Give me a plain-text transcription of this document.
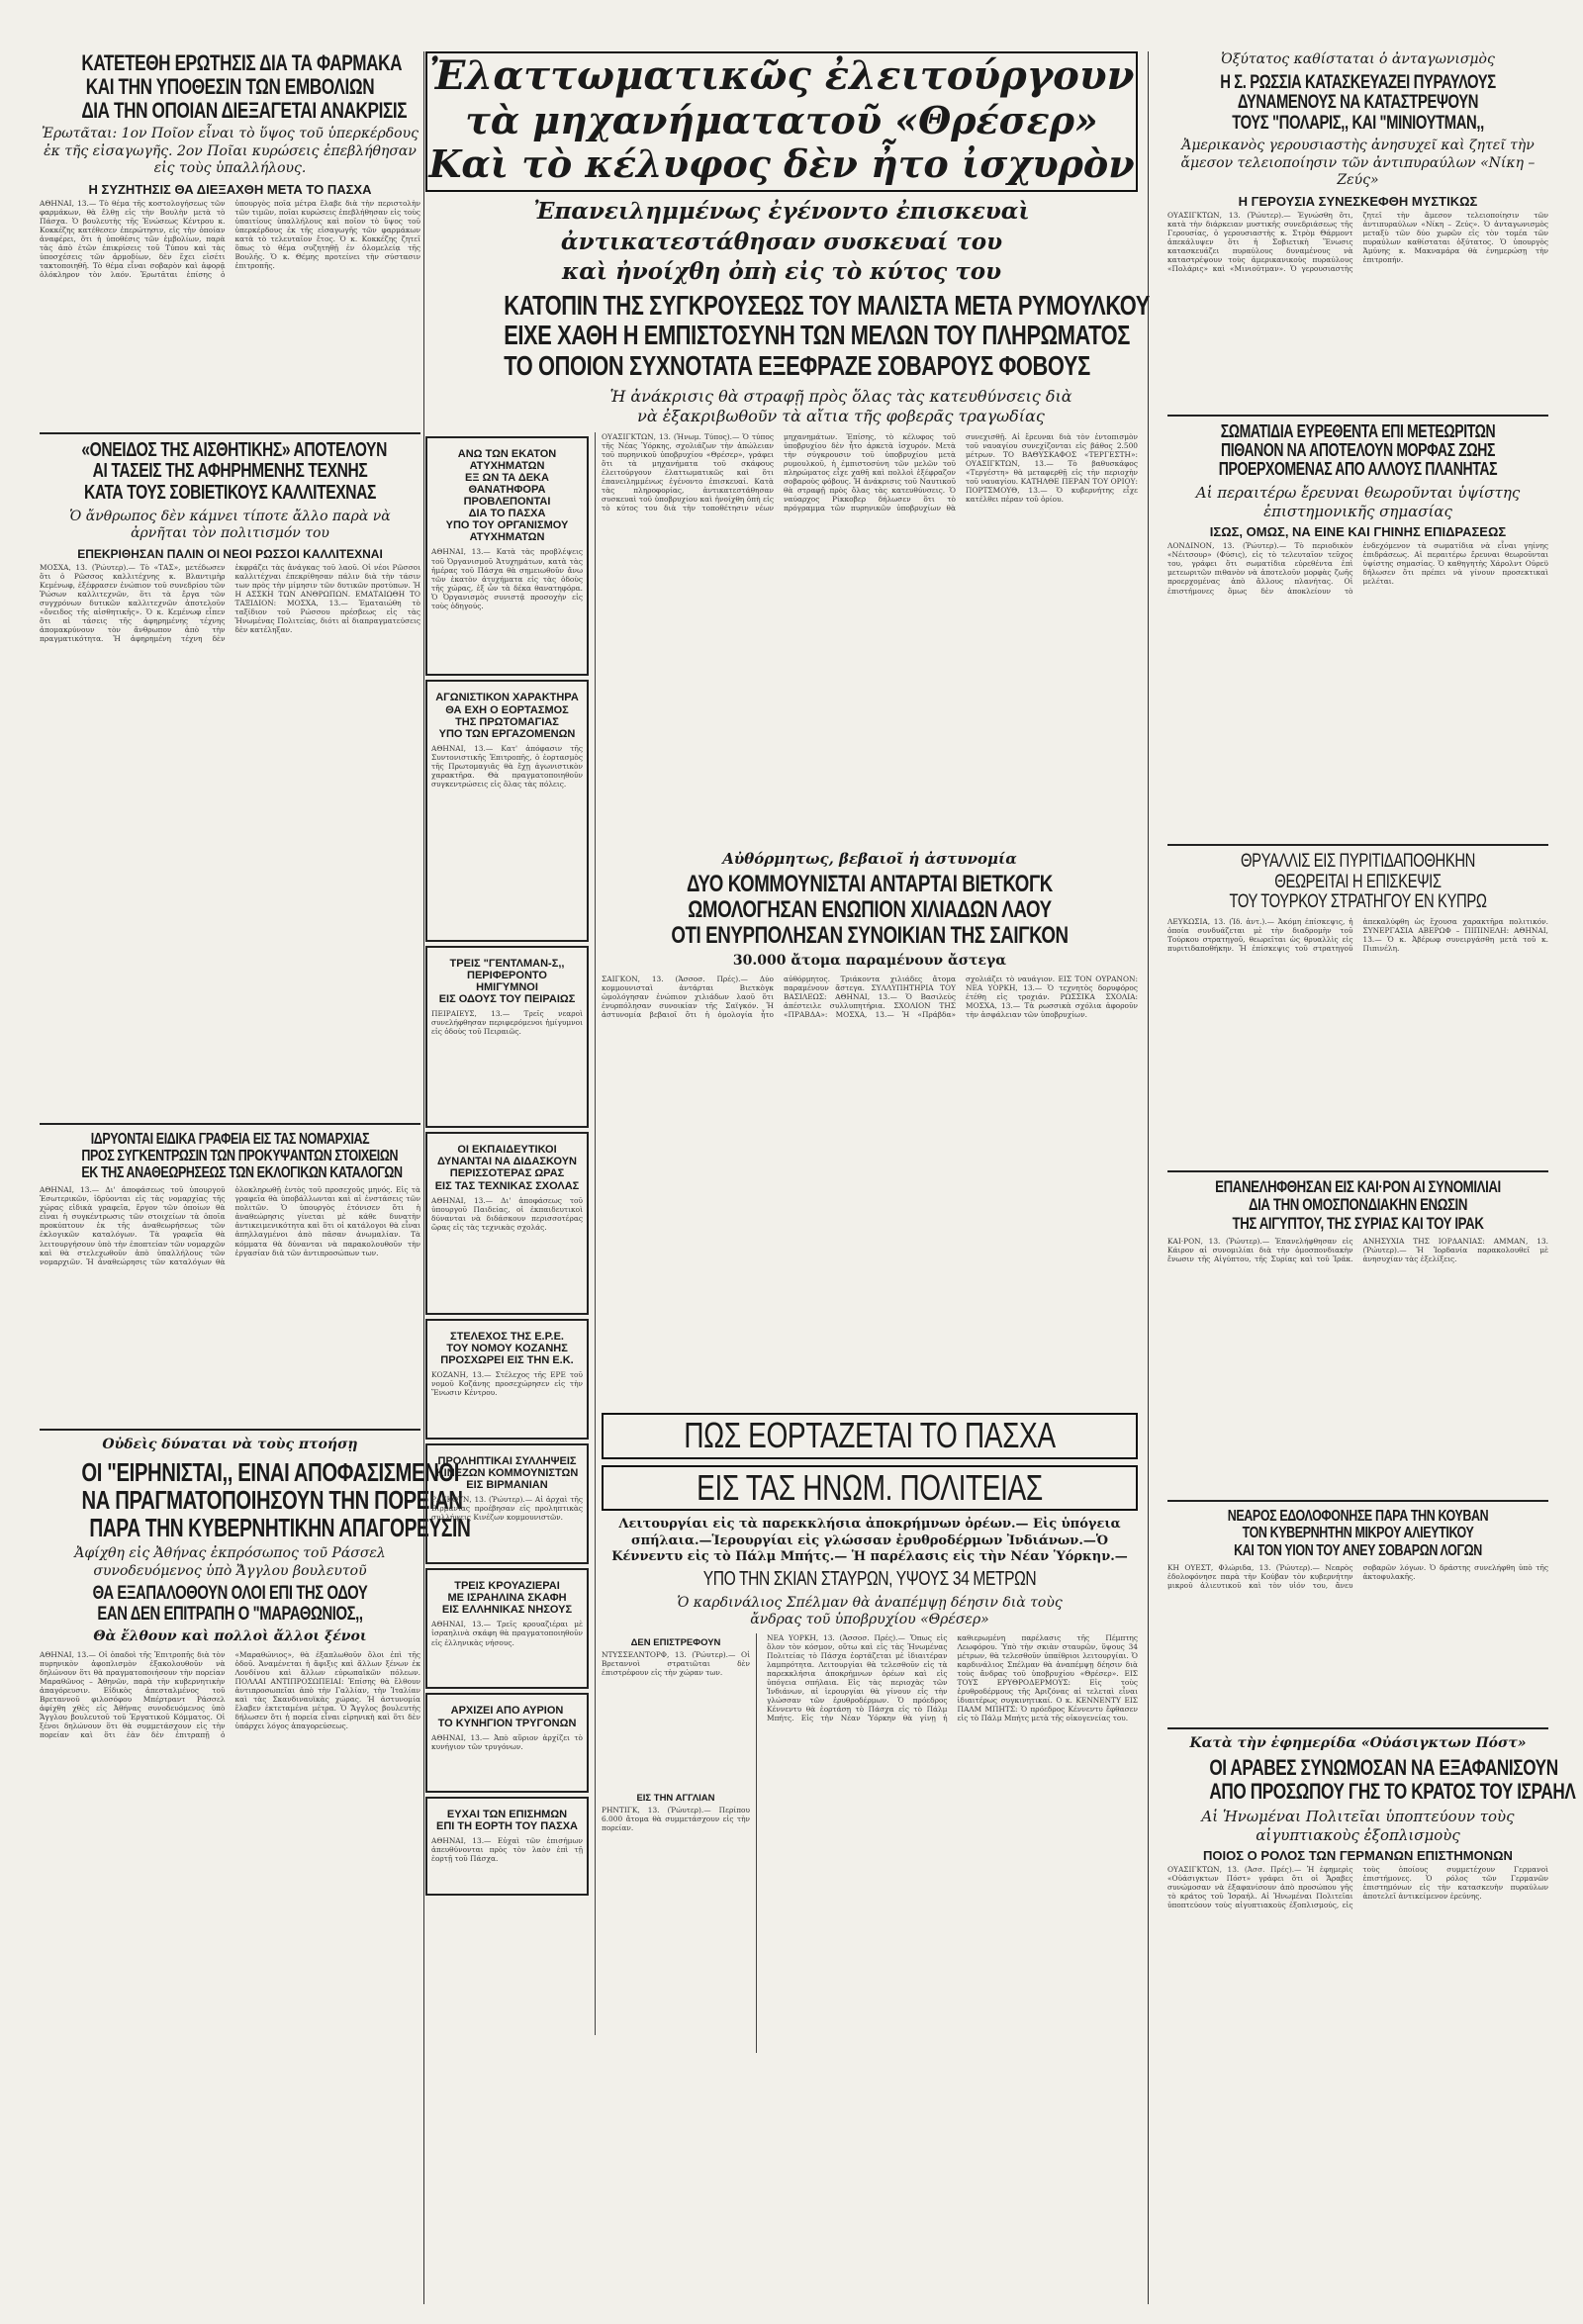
ΚΑΤΕΤΕΘΗ ΕΡΩΤΗΣΙΣ ΔΙΑ ΤΑ ΦΑΡΜΑΚΑ

ΚΑΙ ΤΗΝ ΥΠΟΘΕΣΙΝ ΤΩΝ ΕΜΒΟΛΙΩΝ

ΔΙΑ ΤΗΝ ΟΠΟΙΑΝ ΔΙΕΞΑΓΕΤΑΙ ΑΝΑΚΡΙΣΙΣ

Ἐρωτᾶται: 1ον Ποῖον εἶναι τὸ ὕψος τοῦ ὑπερκέρδους ἐκ τῆς εἰσαγωγῆς. 2ον Ποῖαι κυρώσεις ἐπεβλήθησαν εἰς τοὺς ὑπαλλήλους.

Η ΣΥΖΗΤΗΣΙΣ ΘΑ ΔΙΕΞΑΧΘΗ ΜΕΤΑ ΤΟ ΠΑΣΧΑ

ΑΘΗΝΑΙ, 13.— Τὸ θέμα τῆς κοστολογήσεως τῶν φαρμάκων, θὰ ἔλθῃ εἰς τὴν Βουλὴν μετὰ τὸ Πάσχα. Ὁ βουλευτὴς τῆς Ἑνώσεως Κέντρου κ. Κοκκέζης κατέθεσεν ἐπερώτησιν, εἰς τὴν ὁποίαν ἀναφέρει, ὅτι ἡ ὑποθέσις τῶν ἐμβολίων, παρὰ τὰς ἀπὸ ἐτῶν ἐπικρίσεις τοῦ Τύπου καὶ τὰς ὑποσχέσεις τῶν ἁρμοδίων, δὲν ἔχει εἰσέτι τακτοποιηθῆ. Τὸ θέμα εἶναι σοβαρὸν καὶ ἀφορᾷ ὁλόκληρον τὸν λαόν. Ἐρωτᾶται ἐπίσης ὁ ὑπουργὸς ποῖα μέτρα ἔλαβε διὰ τὴν περιστολὴν τῶν τιμῶν, ποῖαι κυρώσεις ἐπεβλήθησαν εἰς τοὺς ὑπαιτίους ὑπαλλήλους καὶ ποῖον τὸ ὕψος τοῦ ὑπερκέρδους ἐκ τῆς εἰσαγωγῆς τῶν φαρμάκων κατὰ τὸ τελευταῖον ἔτος. Ὁ κ. Κοκκέζης ζητεῖ ὅπως τὸ θέμα συζητηθῇ ἐν ὀλομελείᾳ τῆς Βουλῆς. Ὁ κ. Θέμης προτείνει τὴν σύστασιν ἐπιτροπῆς.

«ΟΝΕΙΔΟΣ ΤΗΣ ΑΙΣΘΗΤΙΚΗΣ» ΑΠΟΤΕΛΟΥΝ

ΑΙ ΤΑΣΕΙΣ ΤΗΣ ΑΦΗΡΗΜΕΝΗΣ ΤΕΧΝΗΣ

ΚΑΤΑ ΤΟΥΣ ΣΟΒΙΕΤΙΚΟΥΣ ΚΑΛΛΙΤΕΧΝΑΣ

Ὁ ἄνθρωπος δὲν κάμνει τίποτε ἄλλο παρὰ νὰ ἀρνῆται τὸν πολιτισμόν του

ΕΠΕΚΡΙΘΗΣΑΝ ΠΑΛΙΝ ΟΙ ΝΕΟΙ ΡΩΣΣΟΙ ΚΑΛΛΙΤΕΧΝΑΙ

ΜΟΣΧΑ, 13. (Ῥώυτερ).— Τὸ «ΤΑΣ», μετέδωσεν ὅτι ὁ Ρῶσσος καλλιτέχνης κ. Βλαντιμὴρ Κεμένωφ, ἐξέφρασεν ἐνώπιον τοῦ συνεδρίου τῶν Ῥώσων καλλιτεχνῶν, ὅτι τὰ ἔργα τῶν συγχρόνων δυτικῶν καλλιτεχνῶν ἀποτελοῦν «ὄνειδος τῆς αἰσθητικῆς». Ὁ κ. Κεμένωφ εἶπεν ὅτι αἱ τάσεις τῆς ἀφηρημένης τέχνης ἀπομακρύνουν τὸν ἄνθρωπον ἀπὸ τὴν πραγματικότητα. Ἡ ἀφηρημένη τέχνη δὲν ἐκφράζει τὰς ἀνάγκας τοῦ λαοῦ. Οἱ νέοι Ρῶσσοι καλλιτέχναι ἐπεκρίθησαν πάλιν διὰ τὴν τάσιν των πρὸς τὴν μίμησιν τῶν δυτικῶν προτύπων. Ἡ Η ΑΣΣΚΗ ΤΩΝ ΑΝΘΡΩΠΩΝ. ΕΜΑΤΑΙΩΘΗ ΤΟ ΤΑΞΙΔΙΟΝ: ΜΟΣΧΑ, 13.— Ἐματαιώθη τὸ ταξίδιον τοῦ Ρώσσου πρέσβεως εἰς τὰς Ἡνωμένας Πολιτείας, διότι αἱ διαπραγματεύσεις δὲν κατέληξαν.

ΙΔΡΥΟΝΤΑΙ ΕΙΔΙΚΑ ΓΡΑΦΕΙΑ ΕΙΣ ΤΑΣ ΝΟΜΑΡΧΙΑΣ

ΠΡΟΣ ΣΥΓΚΕΝΤΡΩΣΙΝ ΤΩΝ ΠΡΟΚΥΨΑΝΤΩΝ ΣΤΟΙΧΕΙΩΝ

ΕΚ ΤΗΣ ΑΝΑΘΕΩΡΗΣΕΩΣ ΤΩΝ ΕΚΛΟΓΙΚΩΝ ΚΑΤΑΛΟΓΩΝ

ΑΘΗΝΑΙ, 13.— Δι' ἀποφάσεως τοῦ ὑπουργοῦ Ἐσωτερικῶν, ἱδρύονται εἰς τὰς νομαρχίας τῆς χώρας εἰδικὰ γραφεῖα, ἔργον τῶν ὁποίων θὰ εἶναι ἡ συγκέντρωσις τῶν στοιχείων τὰ ὁποῖα προκύπτουν ἐκ τῆς ἀναθεωρήσεως τῶν ἐκλογικῶν καταλόγων. Τὰ γραφεῖα θὰ λειτουργήσουν ὑπὸ τὴν ἐποπτείαν τῶν νομαρχῶν καὶ θὰ στελεχωθοῦν ἀπὸ ὑπαλλήλους τῶν νομαρχιῶν. Ἡ ἀναθεώρησις τῶν καταλόγων θὰ ὁλοκληρωθῇ ἐντὸς τοῦ προσεχοῦς μηνός. Εἰς τὰ γραφεῖα θὰ ὑποβάλλωνται καὶ αἱ ἐνστάσεις τῶν πολιτῶν. Ὁ ὑπουργὸς ἐτόνισεν ὅτι ἡ ἀναθεώρησις γίνεται μὲ κάθε δυνατὴν ἀντικειμενικότητα καὶ ὅτι οἱ κατάλογοι θὰ εἶναι ἀπηλλαγμένοι ἀπὸ πᾶσαν ἀνωμαλίαν. Τὰ κόμματα θὰ δύνανται νὰ παρακολουθοῦν τὴν ἐργασίαν διὰ τῶν ἀντιπροσώπων των.

Οὐδεὶς δύναται νὰ τοὺς πτοήσῃ

ΟΙ "ΕΙΡΗΝΙΣΤΑΙ,, ΕΙΝΑΙ ΑΠΟΦΑΣΙΣΜΕΝΟΙ

ΝΑ ΠΡΑΓΜΑΤΟΠΟΙΗΣΟΥΝ ΤΗΝ ΠΟΡΕΙΑΝ

ΠΑΡΑ ΤΗΝ ΚΥΒΕΡΝΗΤΙΚΗΝ ΑΠΑΓΟΡΕΥΣΙΝ

Ἀφίχθη εἰς Ἀθήνας ἐκπρόσωπος τοῦ Ράσσελ συνοδευόμενος ὑπὸ Ἄγγλου βουλευτοῦ

ΘΑ ΕΞΑΠΑΛΟΘΟΥΝ ΟΛΟΙ ΕΠΙ ΤΗΣ ΟΔΟΥ

ΕΑΝ ΔΕΝ ΕΠΙΤΡΑΠΗ Ο "ΜΑΡΑΘΩΝΙΟΣ,,

Θὰ ἔλθουν καὶ πολλοὶ ἄλλοι ξένοι

ΑΘΗΝΑΙ, 13.— Οἱ ὀπαδοὶ τῆς Ἐπιτροπῆς διὰ τὸν πυρηνικὸν ἀφοπλισμὸν ἐξακολουθοῦν νὰ δηλώνουν ὅτι θὰ πραγματοποιήσουν τὴν πορείαν Μαραθῶνος – Ἀθηνῶν, παρὰ τὴν κυβερνητικὴν ἀπαγόρευσιν. Εἰδικὸς ἀπεσταλμένος τοῦ Βρεταννοῦ φιλοσόφου Μπέρτραντ Ράσσελ ἀφίχθη χθὲς εἰς Ἀθήνας συνοδευόμενος ὑπὸ Ἄγγλου βουλευτοῦ τοῦ Ἐργατικοῦ Κόμματος. Οἱ ξένοι δηλώνουν ὅτι θὰ συμμετάσχουν εἰς τὴν πορείαν καὶ ὅτι ἐὰν δὲν ἐπιτραπῇ ὁ «Μαραθώνιος», θὰ ἐξαπλωθοῦν ὅλοι ἐπὶ τῆς ὁδοῦ. Ἀναμένεται ἡ ἄφιξις καὶ ἄλλων ξένων ἐκ Λονδίνου καὶ ἄλλων εὐρωπαϊκῶν πόλεων. ΠΟΛΛΑΙ ΑΝΤΙΠΡΟΣΩΠΕΙΑΙ: Ἐπίσης θὰ ἔλθουν ἀντιπροσωπεῖαι ἀπὸ τὴν Γαλλίαν, τὴν Ἰταλίαν καὶ τὰς Σκανδιναυϊκὰς χώρας. Ἡ ἀστυνομία ἔλαβεν ἐκτεταμένα μέτρα. Ὁ Ἄγγλος βουλευτὴς δήλωσεν ὅτι ἡ πορεία εἶναι εἰρηνικὴ καὶ ὅτι δὲν ὑπάρχει λόγος ἀπαγορεύσεως.

Ἐλαττωματικῶς ἐλειτούργουν

τὰ μηχανήματατοῦ «Θρέσερ»

Καὶ τὸ κέλυφος δὲν ἦτο ἰσχυρὸν

Ἐπανειλημμένως ἐγένοντο ἐπισκευαὶ

ἀντικατεστάθησαν συσκευαί του

καὶ ἠνοίχθη ὀπὴ εἰς τὸ κύτος του

ΚΑΤΟΠΙΝ ΤΗΣ ΣΥΓΚΡΟΥΣΕΩΣ ΤΟΥ ΜΑΛΙΣΤΑ ΜΕΤΑ ΡΥΜΟΥΛΚΟΥ

ΕΙΧΕ ΧΑΘΗ Η ΕΜΠΙΣΤΟΣΥΝΗ ΤΩΝ ΜΕΛΩΝ ΤΟΥ ΠΛΗΡΩΜΑΤΟΣ

ΤΟ ΟΠΟΙΟΝ ΣΥΧΝΟΤΑΤΑ ΕΞΕΦΡΑΖΕ ΣΟΒΑΡΟΥΣ ΦΟΒΟΥΣ

Ἡ ἀνάκρισις θὰ στραφῇ πρὸς ὅλας τὰς κατευθύνσεις διὰ νὰ ἐξακριβωθοῦν τὰ αἴτια τῆς φοβερᾶς τραγωδίας

ΑΝΩ ΤΩΝ ΕΚΑΤΟΝ
ΑΤΥΧΗΜΑΤΩΝ
ΕΞ ΩΝ ΤΑ ΔΕΚΑ
ΘΑΝΑΤΗΦΟΡΑ
ΠΡΟΒΛΕΠΟΝΤΑΙ
ΔΙΑ ΤΟ ΠΑΣΧΑ
ΥΠΟ ΤΟΥ ΟΡΓΑΝΙΣΜΟΥ
ΑΤΥΧΗΜΑΤΩΝ

ΑΘΗΝΑΙ, 13.— Κατὰ τὰς προβλέψεις τοῦ Ὀργανισμοῦ Ἀτυχημάτων, κατὰ τὰς ἡμέρας τοῦ Πάσχα θὰ σημειωθοῦν ἄνω τῶν ἑκατὸν ἀτυχήματα εἰς τὰς ὁδοὺς τῆς χώρας, ἐξ ὧν τὰ δέκα θανατηφόρα. Ὁ Ὀργανισμὸς συνιστᾷ προσοχὴν εἰς τοὺς ὁδηγούς.

ΑΓΩΝΙΣΤΙΚΟΝ ΧΑΡΑΚΤΗΡΑ
ΘΑ ΕΧΗ Ο ΕΟΡΤΑΣΜΟΣ
ΤΗΣ ΠΡΩΤΟΜΑΓΙΑΣ
ΥΠΟ ΤΩΝ ΕΡΓΑΖΟΜΕΝΩΝ

ΑΘΗΝΑΙ, 13.— Κατ' ἀπόφασιν τῆς Συντονιστικῆς Ἐπιτροπῆς, ὁ ἑορτασμὸς τῆς Πρωτομαγιᾶς θὰ ἔχῃ ἀγωνιστικὸν χαρακτῆρα. Θὰ πραγματοποιηθοῦν συγκεντρώσεις εἰς ὅλας τὰς πόλεις.

ΤΡΕΙΣ "ΓΕΝΤΛΜΑΝ-Σ,,
ΠΕΡΙΦΕΡΟΝΤΟ
ΗΜΙΓΥΜΝΟΙ
ΕΙΣ ΟΔΟΥΣ ΤΟΥ ΠΕΙΡΑΙΩΣ

ΠΕΙΡΑΙΕΥΣ, 13.— Τρεῖς νεαροὶ συνελήφθησαν περιφερόμενοι ἡμίγυμνοι εἰς ὁδοὺς τοῦ Πειραιῶς.

ΟΙ ΕΚΠΑΙΔΕΥΤΙΚΟΙ
ΔΥΝΑΝΤΑΙ ΝΑ ΔΙΔΑΣΚΟΥΝ
ΠΕΡΙΣΣΟΤΕΡΑΣ ΩΡΑΣ
ΕΙΣ ΤΑΣ ΤΕΧΝΙΚΑΣ ΣΧΟΛΑΣ

ΑΘΗΝΑΙ, 13.— Δι' ἀποφάσεως τοῦ ὑπουργοῦ Παιδείας, οἱ ἐκπαιδευτικοὶ δύνανται νὰ διδάσκουν περισσοτέρας ὥρας εἰς τὰς τεχνικὰς σχολάς.

ΣΤΕΛΕΧΟΣ ΤΗΣ Ε.Ρ.Ε.
ΤΟΥ ΝΟΜΟΥ ΚΟΖΑΝΗΣ
ΠΡΟΣΧΩΡΕΙ ΕΙΣ ΤΗΝ Ε.Κ.

ΚΟΖΑΝΗ, 13.— Στέλεχος τῆς ΕΡΕ τοῦ νομοῦ Κοζάνης προσεχώρησεν εἰς τὴν Ἕνωσιν Κέντρου.

ΠΡΟΛΗΠΤΙΚΑΙ ΣΥΛΛΗΨΕΙΣ
ΚΙΝΕΖΩΝ ΚΟΜΜΟΥΝΙΣΤΩΝ
ΕΙΣ ΒΙΡΜΑΝΙΑΝ

ΡΑΓΚΟΥΝ, 13. (Ῥώυτερ).— Αἱ ἀρχαὶ τῆς Βιρμανίας προέβησαν εἰς προληπτικὰς συλλήψεις Κινέζων κομμουνιστῶν.

ΤΡΕΙΣ ΚΡΟΥΑΖΙΕΡΑΙ
ΜΕ ΙΣΡΑΗΛΙΝΑ ΣΚΑΦΗ
ΕΙΣ ΕΛΛΗΝΙΚΑΣ ΝΗΣΟΥΣ

ΑΘΗΝΑΙ, 13.— Τρεῖς κρουαζιέραι μὲ ἰσραηλινὰ σκάφη θὰ πραγματοποιηθοῦν εἰς ἑλληνικὰς νήσους.

ΑΡΧΙΖΕΙ ΑΠΟ ΑΥΡΙΟΝ
ΤΟ ΚΥΝΗΓΙΟΝ ΤΡΥΓΟΝΩΝ

ΑΘΗΝΑΙ, 13.— Ἀπὸ αὔριον ἀρχίζει τὸ κυνήγιον τῶν τρυγόνων.

ΕΥΧΑΙ ΤΩΝ ΕΠΙΣΗΜΩΝ
ΕΠΙ ΤΗ ΕΟΡΤΗ ΤΟΥ ΠΑΣΧΑ

ΑΘΗΝΑΙ, 13.— Εὐχαὶ τῶν ἐπισήμων ἀπευθύνονται πρὸς τὸν λαὸν ἐπὶ τῇ ἑορτῇ τοῦ Πάσχα.

ΟΥΑΣΙΓΚΤΩΝ, 13. (Ἡνωμ. Τύπος).— Ὁ τύπος τῆς Νέας Ὑόρκης, σχολιάζων τὴν ἀπώλειαν τοῦ πυρηνικοῦ ὑποβρυχίου «Θρέσερ», γράφει ὅτι τὰ μηχανήματα τοῦ σκάφους ἐλειτούργουν ἐλαττωματικῶς καὶ ὅτι ἐπανειλημμένως ἐγένοντο ἐπισκευαί. Κατὰ τὰς πληροφορίας, ἀντικατεστάθησαν συσκευαὶ τοῦ ὑποβρυχίου καὶ ἠνοίχθη ὀπὴ εἰς τὸ κύτος του διὰ τὴν τοποθέτησιν νέων μηχανημάτων. Ἐπίσης, τὸ κέλυφος τοῦ ὑποβρυχίου δὲν ἦτο ἀρκετὰ ἰσχυρόν. Μετὰ τὴν σύγκρουσιν τοῦ ὑποβρυχίου μετὰ ρυμουλκοῦ, ἡ ἐμπιστοσύνη τῶν μελῶν τοῦ πληρώματος εἶχε χαθῆ καὶ πολλοὶ ἐξέφραζον σοβαροὺς φόβους. Ἡ ἀνάκρισις τοῦ Ναυτικοῦ θὰ στραφῇ πρὸς ὅλας τὰς κατευθύνσεις. Ὁ ναύαρχος Ρίκκοβερ δήλωσεν ὅτι τὸ πρόγραμμα τῶν πυρηνικῶν ὑποβρυχίων θὰ συνεχισθῇ. Αἱ ἔρευναι διὰ τὸν ἐντοπισμὸν τοῦ ναυαγίου συνεχίζονται εἰς βάθος 2.500 μέτρων. ΤΟ ΒΑΘΥΣΚΑΦΟΣ «ΤΕΡΓΕΣΤΗ»: ΟΥΑΣΙΓΚΤΩΝ, 13.— Τὸ βαθυσκάφος «Τεργέστη» θὰ μεταφερθῇ εἰς τὴν περιοχὴν τοῦ ναυαγίου. ΚΑΤΗΛΘΕ ΠΕΡΑΝ ΤΟΥ ΟΡΙΟΥ: ΠΟΡΤΣΜΟΥΘ, 13.— Ὁ κυβερνήτης εἶχε κατέλθει πέραν τοῦ ὁρίου.

Αὐθόρμητως, βεβαιοῖ ἡ ἀστυνομία

ΔΥΟ ΚΟΜΜΟΥΝΙΣΤΑΙ ΑΝΤΑΡΤΑΙ ΒΙΕΤΚΟΓΚ

ΩΜΟΛΟΓΗΣΑΝ ΕΝΩΠΙΟΝ ΧΙΛΙΑΔΩΝ ΛΑΟΥ

ΟΤΙ ΕΝΥΡΠΟΛΗΣΑΝ ΣΥΝΟΙΚΙΑΝ ΤΗΣ ΣΑΙΓΚΟΝ

30.000 ἄτομα παραμένουν ἄστεγα

ΣΑΙΓΚΟΝ, 13. (Ἀσσοσ. Πρές).— Δύο κομμουνισταὶ ἀντάρται Βιετκὸγκ ὡμολόγησαν ἐνώπιον χιλιάδων λαοῦ ὅτι ἐνυρπόλησαν συνοικίαν τῆς Σαϊγκόν. Ἡ ἀστυνομία βεβαιοῖ ὅτι ἡ ὁμολογία ἦτο αὐθόρμητος. Τριάκοντα χιλιάδες ἄτομα παραμένουν ἄστεγα. ΣΥΛΛΥΠΗΤΗΡΙΑ ΤΟΥ ΒΑΣΙΛΕΩΣ: ΑΘΗΝΑΙ, 13.— Ὁ Βασιλεὺς ἀπέστειλε συλλυπητήρια. ΣΧΟΛΙΟΝ ΤΗΣ «ΠΡΑΒΔΑ»: ΜΟΣΧΑ, 13.— Ἡ «Πράβδα» σχολιάζει τὸ ναυάγιον. ΕΙΣ ΤΟΝ ΟΥΡΑΝΟΝ: ΝΕΑ ΥΟΡΚΗ, 13.— Ὁ τεχνητὸς δορυφόρος ἐτέθη εἰς τροχιάν. ΡΩΣΣΙΚΑ ΣΧΟΛΙΑ: ΜΟΣΧΑ, 13.— Τὰ ρωσσικὰ σχόλια ἀφοροῦν τὴν ἀσφάλειαν τῶν ὑποβρυχίων.

ΠΩΣ ΕΟΡΤΑΖΕΤΑΙ ΤΟ ΠΑΣΧΑ

ΕΙΣ ΤΑΣ ΗΝΩΜ. ΠΟΛΙΤΕΙΑΣ

Λειτουργίαι εἰς τὰ παρεκκλήσια ἀποκρήμνων ὀρέων.— Εἰς ὑπόγεια σπήλαια.—Ἱερουργίαι εἰς γλώσσαν ἐρυθροδέρμων Ἰνδιάνων.—Ὁ Κέννεντυ εἰς τὸ Πάλμ Μπήτς.— Ἡ παρέλασις εἰς τὴν Νέαν Ὑόρκην.—

ΥΠΟ ΤΗΝ ΣΚΙΑΝ ΣΤΑΥΡΩΝ, ΥΨΟΥΣ 34 ΜΕΤΡΩΝ

Ὁ καρδινάλιος Σπέλμαν θὰ ἀναπέμψῃ δέησιν διὰ τοὺς ἄνδρας τοῦ ὑποβρυχίου «Θρέσερ»

ΔΕΝ ΕΠΙΣΤΡΕΦΟΥΝ

ΝΤΥΣΣΕΛΝΤΟΡΦ, 13. (Ῥώυτερ).— Οἱ Βρεταννοὶ στρατιῶται δὲν ἐπιστρέφουν εἰς τὴν χώραν των.

ΕΙΣ ΤΗΝ ΑΓΓΛΙΑΝ

ΡΗΝΤΙΓΚ, 13. (Ῥώυτερ).— Περίπου 6.000 ἄτομα θὰ συμμετάσχουν εἰς τὴν πορείαν.

ΝΕΑ ΥΟΡΚΗ, 13. (Ἀσσοσ. Πρές).— Ὅπως εἰς ὅλον τὸν κόσμον, οὕτω καὶ εἰς τὰς Ἡνωμένας Πολιτείας τὸ Πάσχα ἑορτάζεται μὲ ἰδιαιτέραν λαμπρότητα. Λειτουργίαι θὰ τελεσθοῦν εἰς τὰ παρεκκλήσια ἀποκρήμνων ὀρέων καὶ εἰς ὑπόγεια σπήλαια. Εἰς τὰς περιοχὰς τῶν Ἰνδιάνων, αἱ ἱερουργίαι θὰ γίνουν εἰς τὴν γλώσσαν τῶν ἐρυθροδέρμων. Ὁ πρόεδρος Κέννεντυ θὰ ἑορτάσῃ τὸ Πάσχα εἰς τὸ Πάλμ Μπήτς. Εἰς τὴν Νέαν Ὑόρκην θὰ γίνῃ ἡ καθιερωμένη παρέλασις τῆς Πέμπτης Λεωφόρου. Ὑπὸ τὴν σκιὰν σταυρῶν, ὕψους 34 μέτρων, θὰ τελεσθοῦν ὑπαίθριοι λειτουργίαι. Ὁ καρδινάλιος Σπέλμαν θὰ ἀναπέμψῃ δέησιν διὰ τοὺς ἄνδρας τοῦ ὑποβρυχίου «Θρέσερ». ΕΙΣ ΤΟΥΣ ΕΡΥΘΡΟΔΕΡΜΟΥΣ: Εἰς τοὺς ἐρυθροδέρμους τῆς Ἀριζόνας αἱ τελεταὶ εἶναι ἰδιαιτέρως συγκινητικαί. Ο κ. ΚΕΝΝΕΝΤΥ ΕΙΣ ΠΑΛΜ ΜΠΗΤΣ: Ὁ πρόεδρος Κέννεντυ ἔφθασεν εἰς τὸ Πάλμ Μπήτς μετὰ τῆς οἰκογενείας του.

Ὀξύτατος καθίσταται ὁ ἀνταγωνισμὸς

Η Σ. ΡΩΣΣΙΑ ΚΑΤΑΣΚΕΥΑΖΕΙ ΠΥΡΑΥΛΟΥΣ

ΔΥΝΑΜΕΝΟΥΣ ΝΑ ΚΑΤΑΣΤΡΕΨΟΥΝ

ΤΟΥΣ "ΠΟΛΑΡΙΣ,, ΚΑΙ "ΜΙΝΙΟΥΤΜΑΝ,,

Ἀμερικανὸς γερουσιαστὴς ἀνησυχεῖ καὶ ζητεῖ τὴν ἄμεσον τελειοποίησιν τῶν ἀντιπυραύλων «Νίκη – Ζεύς»

Η ΓΕΡΟΥΣΙΑ ΣΥΝΕΣΚΕΦΘΗ ΜΥΣΤΙΚΩΣ

ΟΥΑΣΙΓΚΤΩΝ, 13. (Ῥώυτερ).— Ἐγνώσθη ὅτι, κατὰ τὴν διάρκειαν μυστικῆς συνεδριάσεως τῆς Γερουσίας, ὁ γερουσιαστὴς κ. Στρὸμ Θάρμοντ ἀπεκάλυψεν ὅτι ἡ Σοβιετικὴ Ἕνωσις κατασκευάζει πυραύλους δυναμένους νὰ καταστρέψουν τοὺς ἀμερικανικοὺς πυραύλους «Πολάρις» καὶ «Μινιοῦτμαν». Ὁ γερουσιαστὴς ζητεῖ τὴν ἄμεσον τελειοποίησιν τῶν ἀντιπυραύλων «Νίκη – Ζεύς». Ὁ ἀνταγωνισμὸς μεταξὺ τῶν δύο χωρῶν εἰς τὸν τομέα τῶν πυραύλων καθίσταται ὀξύτατος. Ὁ ὑπουργὸς Ἀμύνης κ. Μακναμάρα θὰ ἐνημερώσῃ τὴν ἐπιτροπήν.

ΣΩΜΑΤΙΔΙΑ ΕΥΡΕΘΕΝΤΑ ΕΠΙ ΜΕΤΕΩΡΙΤΩΝ

ΠΙΘΑΝΟΝ ΝΑ ΑΠΟΤΕΛΟΥΝ ΜΟΡΦΑΣ ΖΩΗΣ

ΠΡΟΕΡΧΟΜΕΝΑΣ ΑΠΟ ΑΛΛΟΥΣ ΠΛΑΝΗΤΑΣ

Αἱ περαιτέρω ἔρευναι θεωροῦνται ὑψίστης ἐπιστημονικῆς σημασίας

ΙΣΩΣ, ΟΜΩΣ, ΝΑ ΕΙΝΕ ΚΑΙ ΓΗΙΝΗΣ ΕΠΙΔΡΑΣΕΩΣ

ΛΟΝΔΙΝΟΝ, 13. (Ῥώυτερ).— Τὸ περιοδικὸν «Νέιτσουρ» (Φύσις), εἰς τὸ τελευταῖον τεῦχος του, γράφει ὅτι σωματίδια εὑρεθέντα ἐπὶ μετεωριτῶν πιθανὸν νὰ ἀποτελοῦν μορφὰς ζωῆς προερχομένας ἀπὸ ἄλλους πλανήτας. Οἱ ἐπιστήμονες ὅμως δὲν ἀποκλείουν τὸ ἐνδεχόμενον τὰ σωματίδια νὰ εἶναι γηίνης ἐπιδράσεως. Αἱ περαιτέρω ἔρευναι θεωροῦνται ὑψίστης σημασίας. Ὁ καθηγητὴς Χάρολντ Οὐρεϋ δήλωσεν ὅτι πρέπει νὰ γίνουν προσεκτικαὶ μελέται.

ΘΡΥΑΛΛΙΣ ΕΙΣ ΠΥΡΙΤΙΔΑΠΟΘΗΚΗΝ

ΘΕΩΡΕΙΤΑΙ Η ΕΠΙΣΚΕΨΙΣ

ΤΟΥ ΤΟΥΡΚΟΥ ΣΤΡΑΤΗΓΟΥ ΕΝ ΚΥΠΡΩ

ΛΕΥΚΩΣΙΑ, 13. (Ἰδ. ἀντ.).— Ἀκόμη ἐπίσκεψις, ἡ ὁποία συνδυάζεται μὲ τὴν διαδρομὴν τοῦ Τούρκου στρατηγοῦ, θεωρεῖται ὡς θρυαλλὶς εἰς πυριτιδαποθήκην. Ἡ ἐπίσκεψις τοῦ στρατηγοῦ ἀπεκαλύφθη ὡς ἔχουσα χαρακτῆρα πολιτικόν. ΣΥΝΕΡΓΑΣΙΑ ΑΒΕΡΩΦ – ΠΙΠΙΝΕΛΗ: ΑΘΗΝΑΙ, 13.— Ὁ κ. Ἀβέρωφ συνειργάσθη μετὰ τοῦ κ. Πιπινέλη.

ΕΠΑΝΕΛΗΦΘΗΣΑΝ ΕΙΣ ΚΑΙ·ΡΟΝ ΑΙ ΣΥΝΟΜΙΛΙΑΙ

ΔΙΑ ΤΗΝ ΟΜΟΣΠΟΝΔΙΑΚΗΝ ΕΝΩΣΙΝ

ΤΗΣ ΑΙΓΥΠΤΟΥ, ΤΗΣ ΣΥΡΙΑΣ ΚΑΙ ΤΟΥ ΙΡΑΚ

ΚΑΙ·ΡΟΝ, 13. (Ῥώυτερ).— Ἐπανελήφθησαν εἰς Κάιρον αἱ συνομιλίαι διὰ τὴν ὁμοσπονδιακὴν ἕνωσιν τῆς Αἰγύπτου, τῆς Συρίας καὶ τοῦ Ἰράκ. ΑΝΗΣΥΧΙΑ ΤΗΣ ΙΟΡΔΑΝΙΑΣ: ΑΜΜΑΝ, 13. (Ῥώυτερ).— Ἡ Ἰορδανία παρακολουθεῖ μὲ ἀνησυχίαν τὰς ἐξελίξεις.

ΝΕΑΡΟΣ ΕΔΟΛΟΦΟΝΗΣΕ ΠΑΡΑ ΤΗΝ ΚΟΥΒΑΝ

ΤΟΝ ΚΥΒΕΡΝΗΤΗΝ ΜΙΚΡΟΥ ΑΛΙΕΥΤΙΚΟΥ

ΚΑΙ ΤΟΝ ΥΙΟΝ ΤΟΥ ΑΝΕΥ ΣΟΒΑΡΩΝ ΛΟΓΩΝ

ΚΗ ΟΥΕΣΤ, Φλώριδα, 13. (Ῥώυτερ).— Νεαρὸς ἐδολοφόνησε παρὰ τὴν Κούβαν τὸν κυβερνήτην μικροῦ ἁλιευτικοῦ καὶ τὸν υἱόν του, ἄνευ σοβαρῶν λόγων. Ὁ δράστης συνελήφθη ὑπὸ τῆς ἀκτοφυλακῆς.

Κατὰ τὴν ἐφημερίδα «Οὐάσιγκτων Πόστ»

ΟΙ ΑΡΑΒΕΣ ΣΥΝΩΜΟΣΑΝ ΝΑ ΕΞΑΦΑΝΙΣΟΥΝ

ΑΠΟ ΠΡΟΣΩΠΟΥ ΓΗΣ ΤΟ ΚΡΑΤΟΣ ΤΟΥ ΙΣΡΑΗΛ

Αἱ Ἡνωμέναι Πολιτεῖαι ὑποπτεύουν τοὺς αἰγυπτιακοὺς ἐξοπλισμοὺς

ΠΟΙΟΣ Ο ΡΟΛΟΣ ΤΩΝ ΓΕΡΜΑΝΩΝ ΕΠΙΣΤΗΜΟΝΩΝ

ΟΥΑΣΙΓΚΤΩΝ, 13. (Ἀσσ. Πρές).— Ἡ ἐφημερὶς «Οὐάσιγκτων Πόστ» γράφει ὅτι οἱ Ἄραβες συνώμοσαν νὰ ἐξαφανίσουν ἀπὸ προσώπου γῆς τὸ κράτος τοῦ Ἰσραήλ. Αἱ Ἡνωμέναι Πολιτεῖαι ὑποπτεύουν τοὺς αἰγυπτιακοὺς ἐξοπλισμούς, εἰς τοὺς ὁποίους συμμετέχουν Γερμανοὶ ἐπιστήμονες. Ὁ ρόλος τῶν Γερμανῶν ἐπιστημόνων εἰς τὴν κατασκευὴν πυραύλων ἀποτελεῖ ἀντικείμενον ἐρεύνης.
